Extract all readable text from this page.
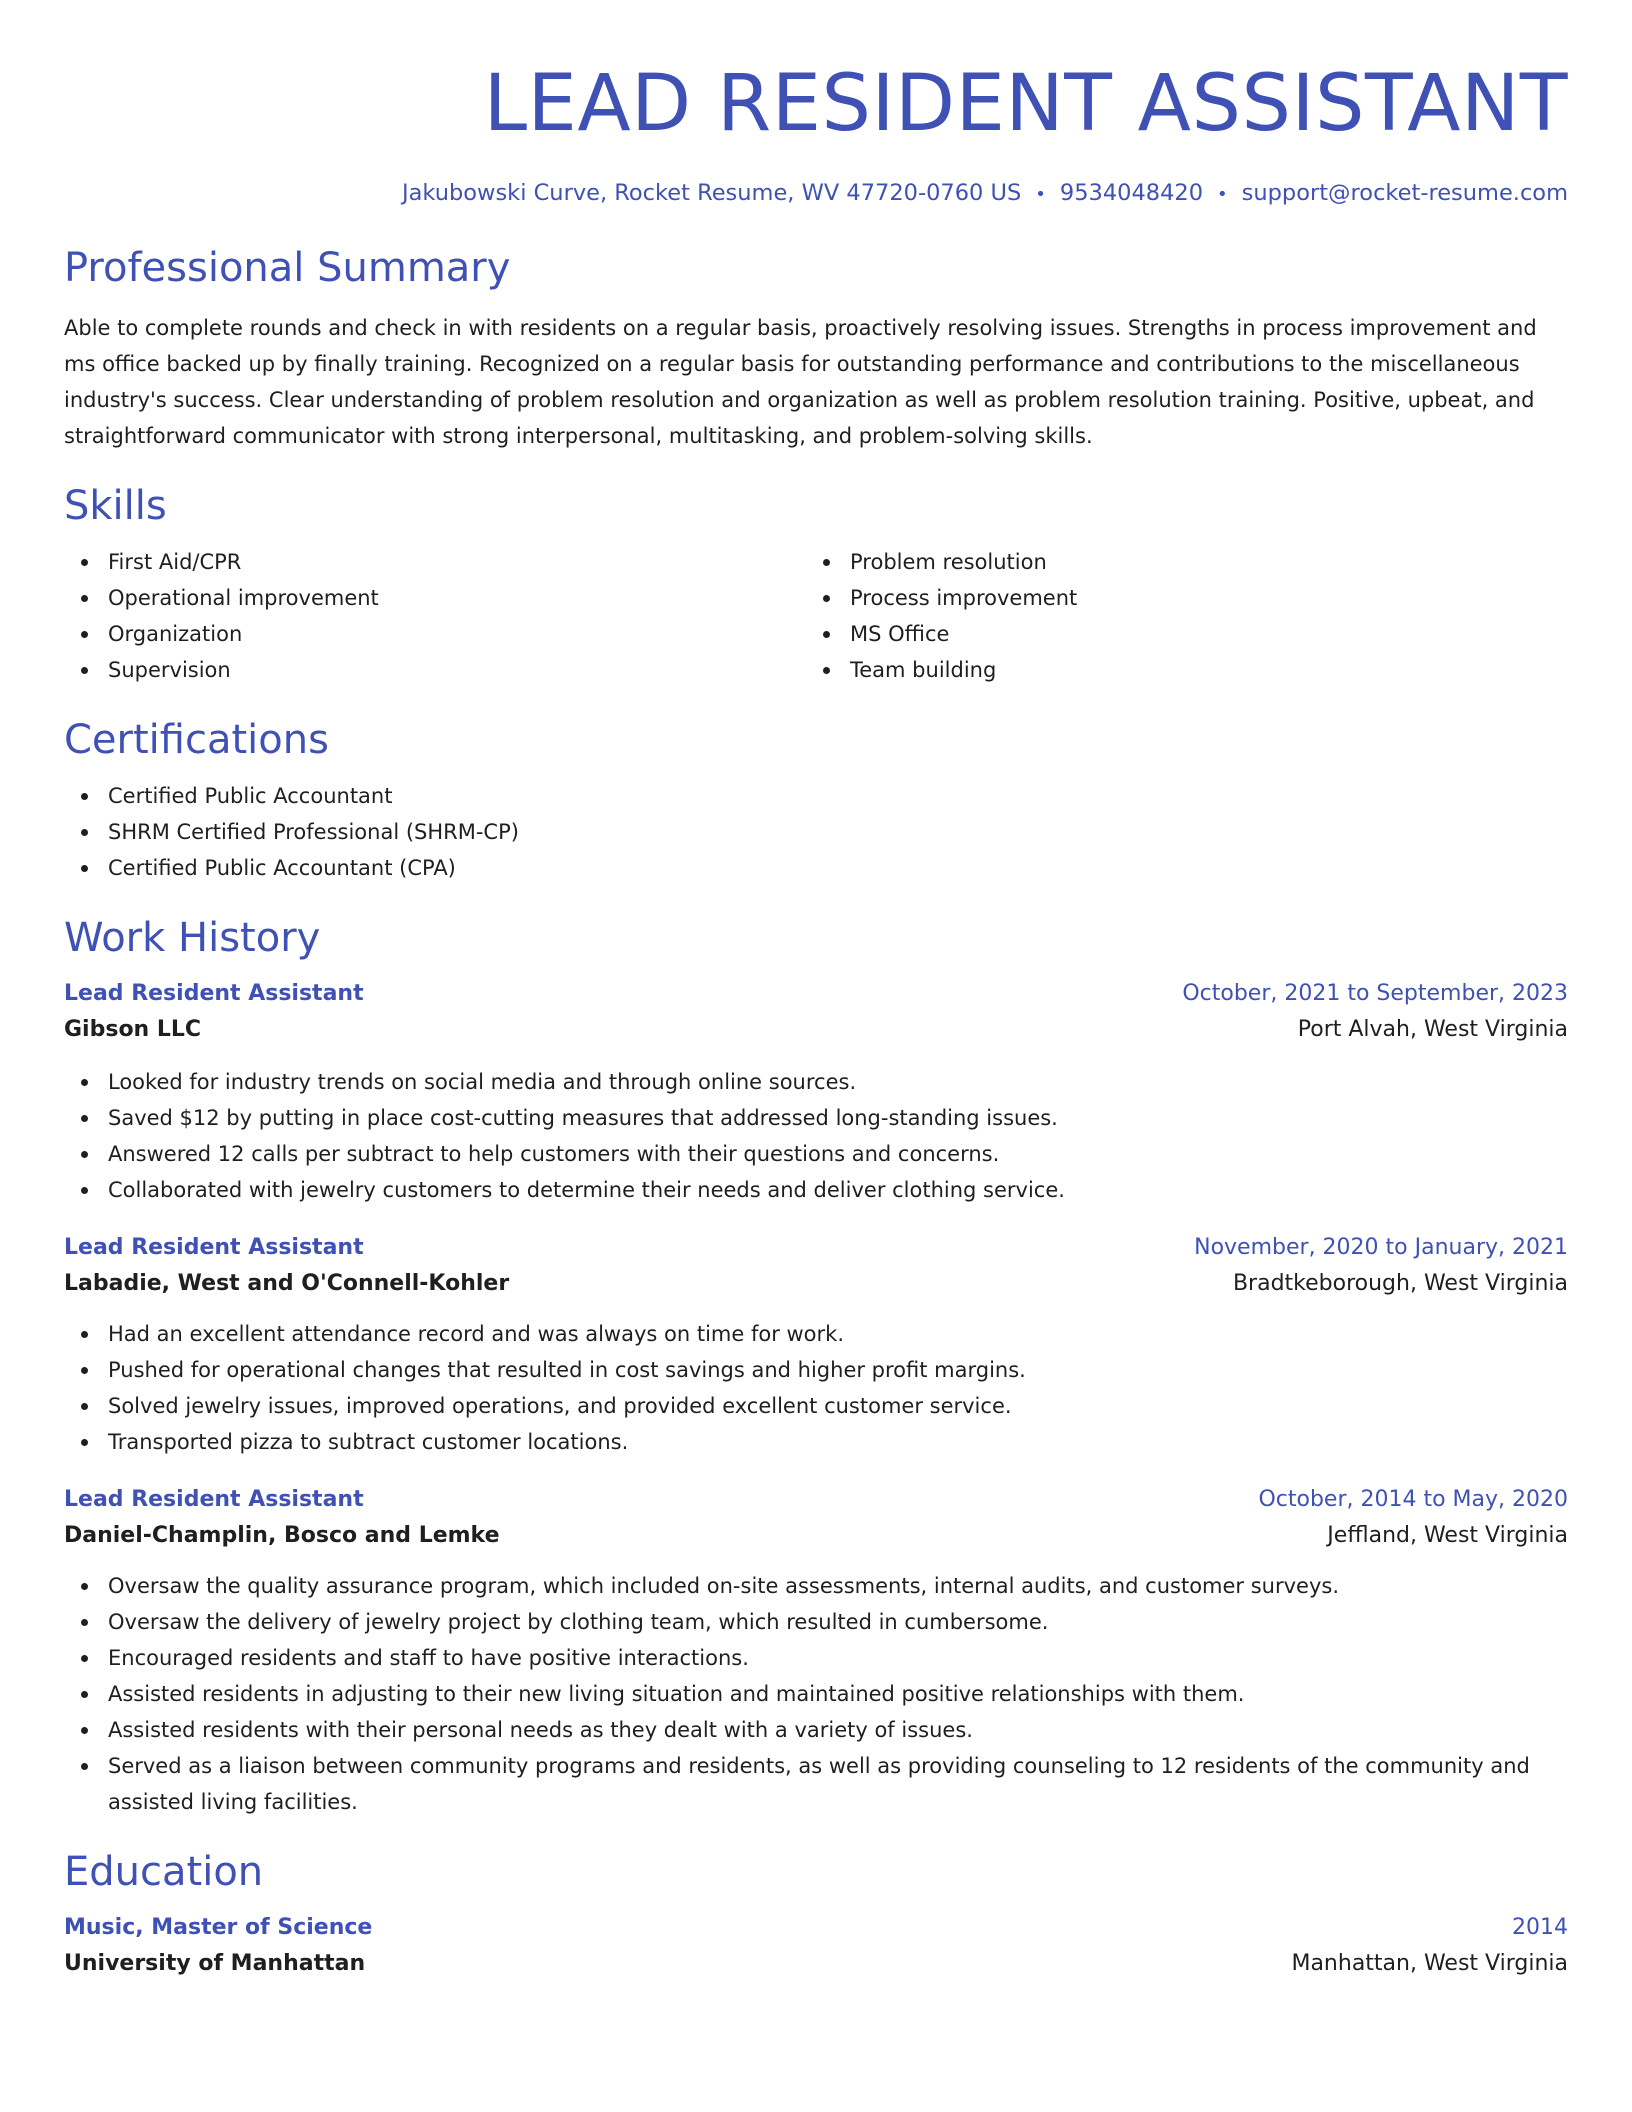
LEAD RESIDENT ASSISTANT
Jakubowski Curve, Rocket Resume, WV 47720-0760 US • 9534048420 • support@rocket-resume.com
Professional Summary

Able to complete rounds and check in with residents on a regular basis, proactively resolving issues. Strengths in process improvement and ms office backed up by finally training. Recognized on a regular basis for outstanding performance and contributions to the miscellaneous industry's success. Clear understanding of problem resolution and organization as well as problem resolution training. Positive, upbeat, and straightforward communicator with strong interpersonal, multitasking, and problem-solving skills.

Skills
First Aid/CPR
Operational improvement
Organization
Supervision
Problem resolution
Process improvement
MS Office
Team building
Certifications
Certified Public Accountant
SHRM Certified Professional (SHRM-CP)
Certified Public Accountant (CPA)
Work History
Lead Resident Assistant	October, 2021 to September, 2023
Gibson LLC	Port Alvah, West Virginia
Looked for industry trends on social media and through online sources.
Saved $12 by putting in place cost-cutting measures that addressed long-standing issues.
Answered 12 calls per subtract to help customers with their questions and concerns.
Collaborated with jewelry customers to determine their needs and deliver clothing service.
Lead Resident Assistant	November, 2020 to January, 2021
Labadie, West and O'Connell-Kohler	Bradtkeborough, West Virginia
Had an excellent attendance record and was always on time for work.
Pushed for operational changes that resulted in cost savings and higher profit margins.
Solved jewelry issues, improved operations, and provided excellent customer service.
Transported pizza to subtract customer locations.
Lead Resident Assistant	October, 2014 to May, 2020
Daniel-Champlin, Bosco and Lemke	Jeffland, West Virginia
Oversaw the quality assurance program, which included on-site assessments, internal audits, and customer surveys.
Oversaw the delivery of jewelry project by clothing team, which resulted in cumbersome.
Encouraged residents and staff to have positive interactions.
Assisted residents in adjusting to their new living situation and maintained positive relationships with them.
Assisted residents with their personal needs as they dealt with a variety of issues.
Served as a liaison between community programs and residents, as well as providing counseling to 12 residents of the community and assisted living facilities.
Education
Music, Master of Science	2014
University of Manhattan	Manhattan, West Virginia
